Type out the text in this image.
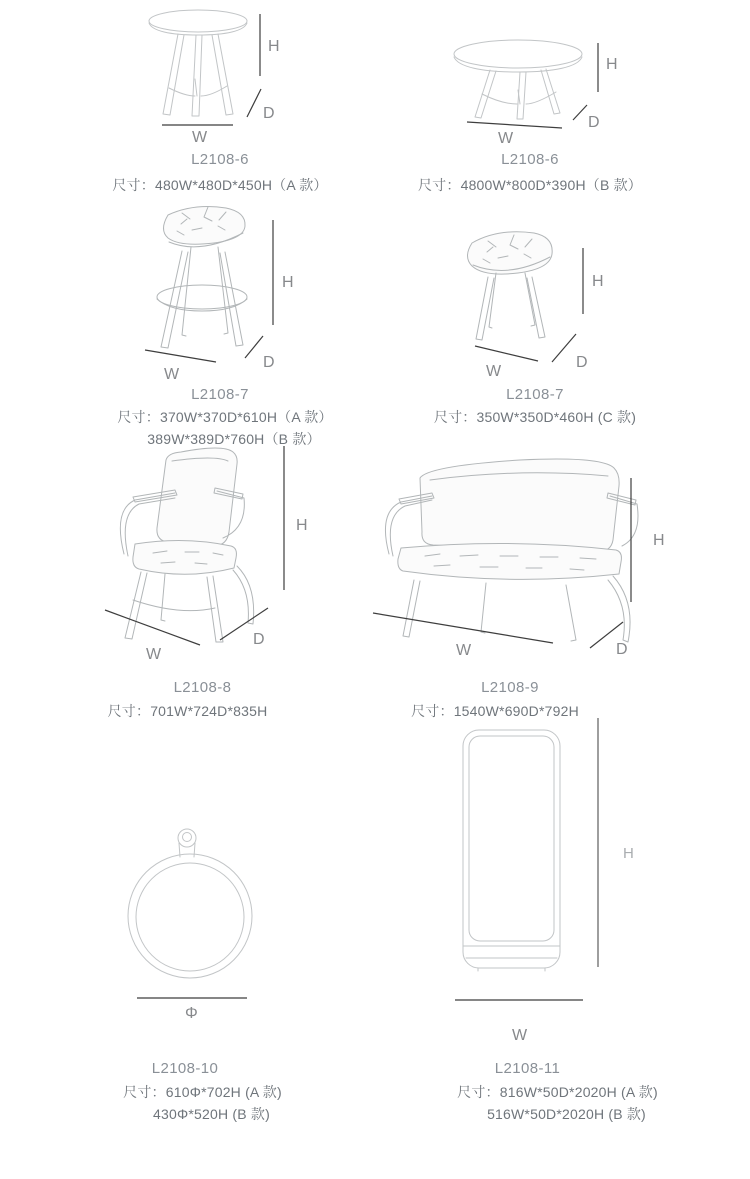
H
D
W
L2108-6
尺寸：480W*480D*450H（A 款）
H
D
W
L2108-6
尺寸：4800W*800D*390H（B 款）
H
D
W
L2108-7
尺寸：370W*370D*610H（A 款）
389W*389D*760H（B 款）
H
D
W
L2108-7
尺寸：350W*350D*460H (C 款)
H
D
W
L2108-8
尺寸：701W*724D*835H
H
D
W
L2108-9
尺寸：1540W*690D*792H
Φ
L2108-10
尺寸：610Φ*702H (A 款)
430Φ*520H (B 款)
H
W
L2108-11
尺寸：816W*50D*2020H (A 款)
516W*50D*2020H (B 款)
